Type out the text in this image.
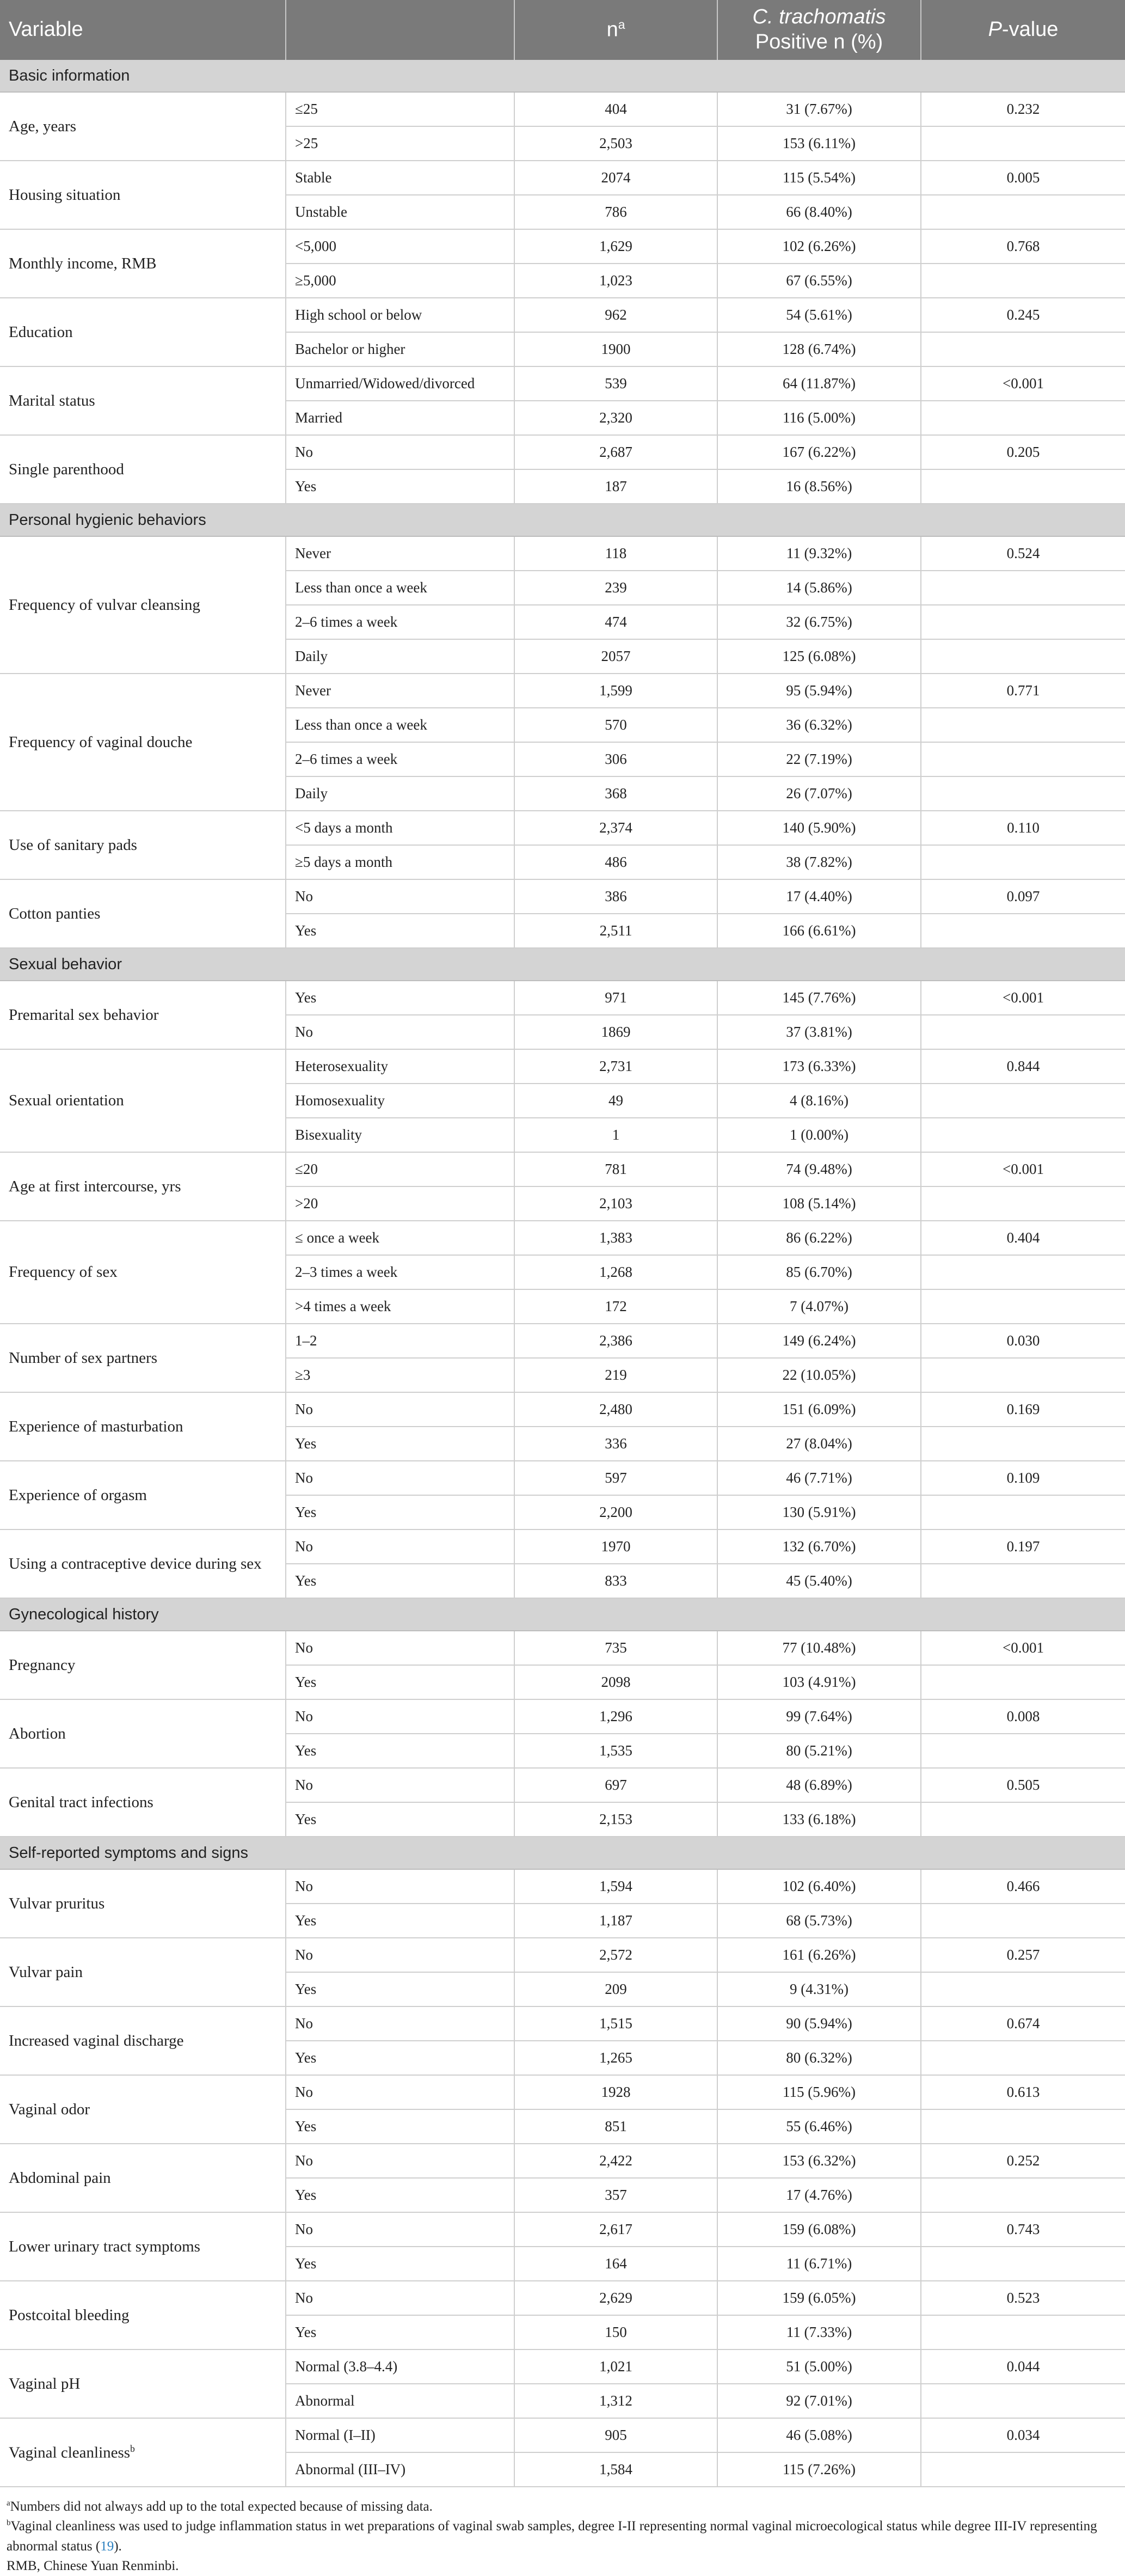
Variable		$n^a$	C. trachomatis
Positive n (%)	P-value
Basic information				
Age, years	≤25	404	31 (7.67%)	0.232
	>25	2,503	153 (6.11%)	
Housing situation	Stable	2074	115 (5.54%)	0.005
	Unstable	786	66 (8.40%)	
Monthly income, RMB	<5,000	1,629	102 (6.26%)	0.768
	≥5,000	1,023	67 (6.55%)	
Education	High school or below	962	54 (5.61%)	0.245
	Bachelor or higher	1900	128 (6.74%)	
Marital status	Unmarried/Widowed/divorced	539	64 (11.87%)	<0.001
	Married	2,320	116 (5.00%)	
Single parenthood	No	2,687	167 (6.22%)	0.205
	Yes	187	16 (8.56%)	
Personal hygienic behaviors				
Frequency of vulvar cleansing	Never	118	11 (9.32%)	0.524
	Less than once a week	239	14 (5.86%)	
	2–6 times a week	474	32 (6.75%)	
	Daily	2057	125 (6.08%)	
Frequency of vaginal douche	Never	1,599	95 (5.94%)	0.771
	Less than once a week	570	36 (6.32%)	
	2–6 times a week	306	22 (7.19%)	
	Daily	368	26 (7.07%)	
Use of sanitary pads	<5 days a month	2,374	140 (5.90%)	0.110
	≥5 days a month	486	38 (7.82%)	
Cotton panties	No	386	17 (4.40%)	0.097
	Yes	2,511	166 (6.61%)	
Sexual behavior				
Premarital sex behavior	Yes	971	145 (7.76%)	<0.001
	No	1869	37 (3.81%)	
Sexual orientation	Heterosexuality	2,731	173 (6.33%)	0.844
	Homosexuality	49	4 (8.16%)	
	Bisexuality	1	1 (0.00%)	
Age at first intercourse, yrs	≤20	781	74 (9.48%)	<0.001
	>20	2,103	108 (5.14%)	
Frequency of sex	≤ once a week	1,383	86 (6.22%)	0.404
	2–3 times a week	1,268	85 (6.70%)	
	>4 times a week	172	7 (4.07%)	
Number of sex partners	1–2	2,386	149 (6.24%)	0.030
	≥3	219	22 (10.05%)	
Experience of masturbation	No	2,480	151 (6.09%)	0.169
	Yes	336	27 (8.04%)	
Experience of orgasm	No	597	46 (7.71%)	0.109
	Yes	2,200	130 (5.91%)	
Using a contraceptive device during sex	No	1970	132 (6.70%)	0.197
	Yes	833	45 (5.40%)	
Gynecological history				
Pregnancy	No	735	77 (10.48%)	<0.001
	Yes	2098	103 (4.91%)	
Abortion	No	1,296	99 (7.64%)	0.008
	Yes	1,535	80 (5.21%)	
Genital tract infections	No	697	48 (6.89%)	0.505
	Yes	2,153	133 (6.18%)	
Self-reported symptoms and signs				
Vulvar pruritus	No	1,594	102 (6.40%)	0.466
	Yes	1,187	68 (5.73%)	
Vulvar pain	No	2,572	161 (6.26%)	0.257
	Yes	209	9 (4.31%)	
Increased vaginal discharge	No	1,515	90 (5.94%)	0.674
	Yes	1,265	80 (6.32%)	
Vaginal odor	No	1928	115 (5.96%)	0.613
	Yes	851	55 (6.46%)	
Abdominal pain	No	2,422	153 (6.32%)	0.252
	Yes	357	17 (4.76%)	
Lower urinary tract symptoms	No	2,617	159 (6.08%)	0.743
	Yes	164	11 (6.71%)	
Postcoital bleeding	No	2,629	159 (6.05%)	0.523
	Yes	150	11 (7.33%)	
Vaginal pH	Normal (3.8–4.4)	1,021	51 (5.00%)	0.044
	Abnormal	1,312	92 (7.01%)	
Vaginal cleanliness$^b$	Normal (I–II)	905	46 (5.08%)	0.034
	Abnormal (III–IV)	1,584	115 (7.26%)	

$^a$Numbers did not always add up to the total expected because of missing data.

$^b$Vaginal cleanliness was used to judge inflammation status in wet preparations of vaginal swab samples, degree I-II representing normal vaginal microecological status while degree III-IV representing abnormal status (19).

RMB, Chinese Yuan Renminbi.
